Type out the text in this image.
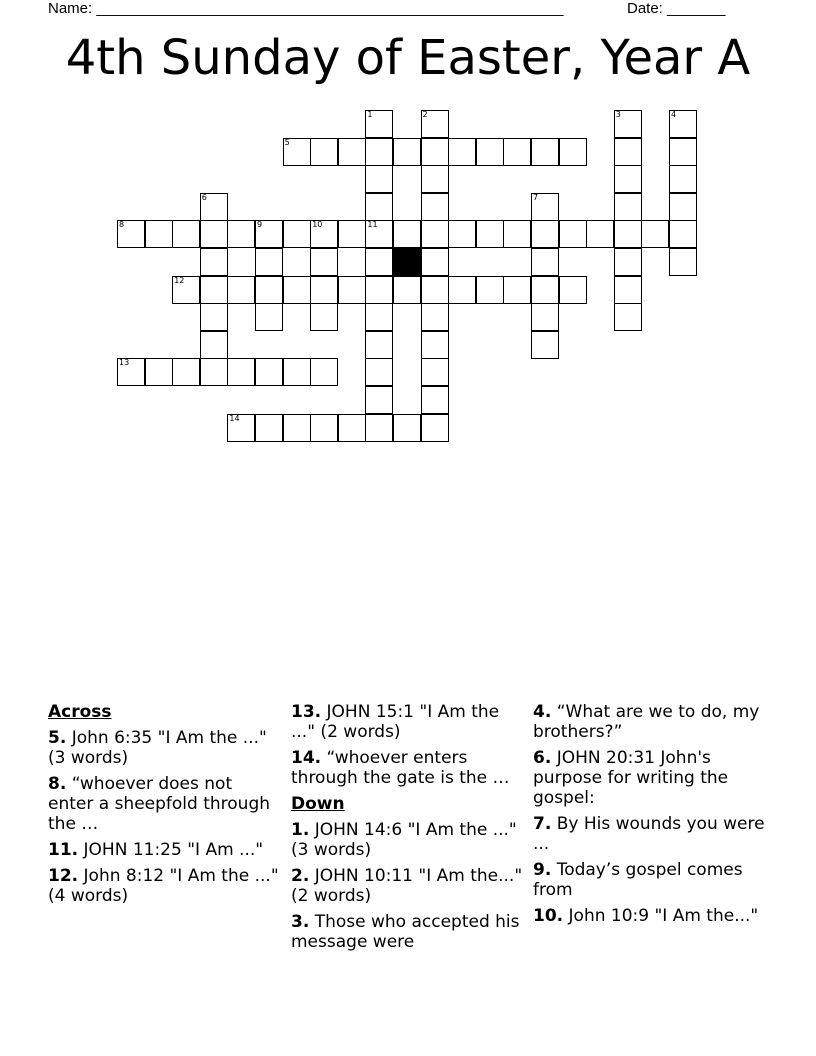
Name: ________________________________________________________	Date: _______
4th Sunday of Easter, Year A
5
8	9	10	11
12
13
14
1	2	3	4
6	7
Across
5. John 6:35 "I Am the ..." (3 words)
8. “whoever does not enter a sheepfold through the …
11. JOHN 11:25 "I Am ..."
12. John 8:12 "I Am the ..." (4 words)
13. JOHN 15:1 "I Am the ..." (2 words)
14. “whoever enters through the gate is the …
Down
1. JOHN 14:6 "I Am the ..." (3 words)
2. JOHN 10:11 "I Am the..." (2 words)
3. Those who accepted his message were
4. “What are we to do, my brothers?”
6. JOHN 20:31 John's purpose for writing the gospel:
7. By His wounds you were ...
9. Today’s gospel comes from
10. John 10:9 "I Am the..."
